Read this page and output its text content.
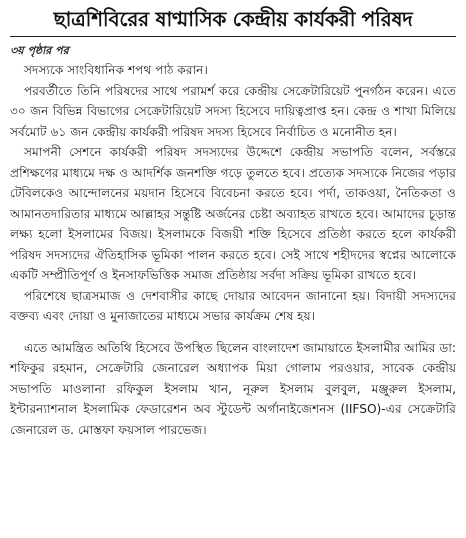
ছাত্রশিবিরের ষাণ্মাসিক কেন্দ্রীয় কার্যকরী পরিষদ
৩য় পৃষ্ঠার পর

সদস্যকে সাংবিধানিক শপথ পাঠ করান।

পরবর্তীতে তিনি পরিষদের সাথে পরামর্শ করে কেন্দ্রীয় সেক্রেটারিয়েট পুনর্গঠন করেন। এতে ৩০ জন বিভিন্ন বিভাগের সেক্রেটারিয়েট সদস্য হিসেবে দায়িত্বপ্রাপ্ত হন। কেন্দ্র ও শাখা মিলিয়ে সর্বমোট ৬১ জন কেন্দ্রীয় কার্যকরী পরিষদ সদস্য হিসেবে নির্বাচিত ও মনোনীত হন।

সমাপনী সেশনে কার্যকরী পরিষদ সদস্যদের উদ্দেশে কেন্দ্রীয় সভাপতি বলেন, সর্বস্তরে প্রশিক্ষণের মাধ্যমে দক্ষ ও আদর্শিক জনশক্তি গড়ে তুলতে হবে। প্রত্যেক সদস্যকে নিজের পড়ার টেবিলকেও আন্দোলনের ময়দান হিসেবে বিবেচনা করতে হবে। পর্দা, তাকওয়া, নৈতিকতা ও আমানতদারিতার মাধ্যমে আল্লাহর সন্তুষ্টি অর্জনের চেষ্টা অব্যাহত রাখতে হবে। আমাদের চূড়ান্ত লক্ষ্য হলো ইসলামের বিজয়। ইসলামকে বিজয়ী শক্তি হিসেবে প্রতিষ্ঠা করতে হলে কার্যকরী পরিষদ সদস্যদের ঐতিহাসিক ভূমিকা পালন করতে হবে। সেই সাথে শহীদদের স্বপ্নের আলোকে একটি সম্প্রীতিপূর্ণ ও ইনসাফভিত্তিক সমাজ প্রতিষ্ঠায় সর্বদা সক্রিয় ভূমিকা রাখতে হবে।

পরিশেষে ছাত্রসমাজ ও দেশবাসীর কাছে দোয়ার আবেদন জানানো হয়। বিদায়ী সদস্যদের বক্তব্য এবং দোয়া ও মুনাজাতের মাধ্যমে সভার কার্যক্রম শেষ হয়।

এতে আমন্ত্রিত অতিথি হিসেবে উপস্থিত ছিলেন বাংলাদেশ জামায়াতে ইসলামীর আমির ডা: শফিকুর রহমান, সেক্রেটারি জেনারেল অধ্যাপক মিয়া গোলাম পরওয়ার, সাবেক কেন্দ্রীয় সভাপতি মাওলানা রফিকুল ইসলাম খান, নূরুল ইসলাম বুলবুল, মঞ্জুরুল ইসলাম, ইন্টারন্যাশনাল ইসলামিক ফেডারেশন অব স্টুডেন্ট অর্গানাইজেশনস (IIFSO)-এর সেক্রেটারি জেনারেল ড. মোস্তফা ফয়সাল পারভেজ।
